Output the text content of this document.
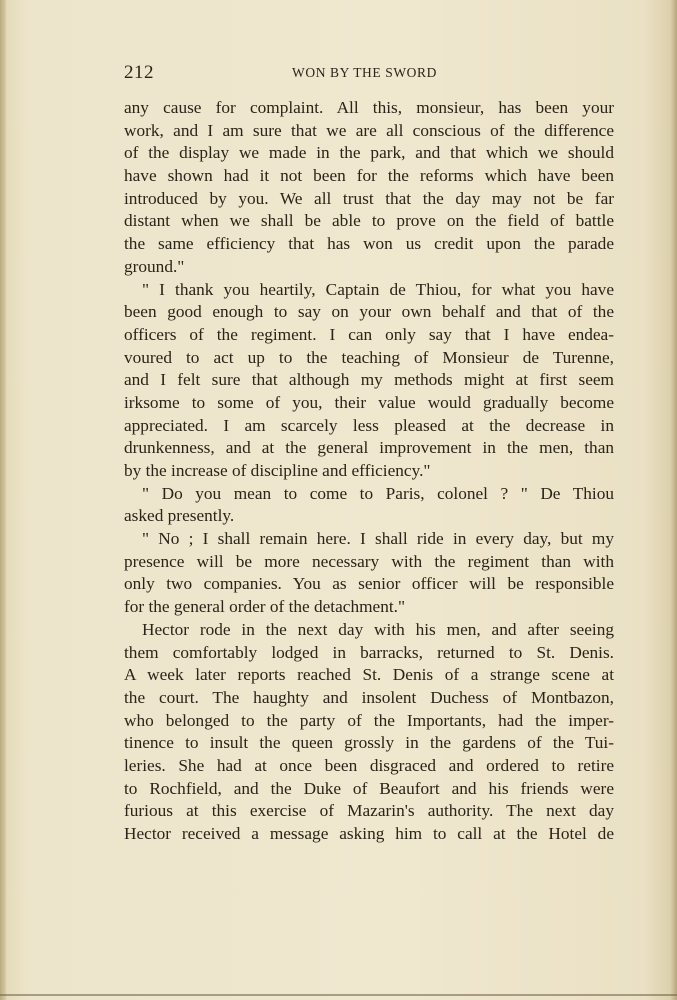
212	WON BY THE SWORD
any cause for complaint. All this, monsieur, has been your
work, and I am sure that we are all conscious of the difference
of the display we made in the park, and that which we should
have shown had it not been for the reforms which have been
introduced by you. We all trust that the day may not be far
distant when we shall be able to prove on the field of battle
the same efficiency that has won us credit upon the parade
ground."
" I thank you heartily, Captain de Thiou, for what you have
been good enough to say on your own behalf and that of the
officers of the regiment. I can only say that I have endea-
voured to act up to the teaching of Monsieur de Turenne,
and I felt sure that although my methods might at first seem
irksome to some of you, their value would gradually become
appreciated. I am scarcely less pleased at the decrease in
drunkenness, and at the general improvement in the men, than
by the increase of discipline and efficiency."
" Do you mean to come to Paris, colonel ? " De Thiou
asked presently.
" No ; I shall remain here. I shall ride in every day, but my
presence will be more necessary with the regiment than with
only two companies. You as senior officer will be responsible
for the general order of the detachment."
Hector rode in the next day with his men, and after seeing
them comfortably lodged in barracks, returned to St. Denis.
A week later reports reached St. Denis of a strange scene at
the court. The haughty and insolent Duchess of Montbazon,
who belonged to the party of the Importants, had the imper-
tinence to insult the queen grossly in the gardens of the Tui-
leries. She had at once been disgraced and ordered to retire
to Rochfield, and the Duke of Beaufort and his friends were
furious at this exercise of Mazarin's authority. The next day
Hector received a message asking him to call at the Hotel de
